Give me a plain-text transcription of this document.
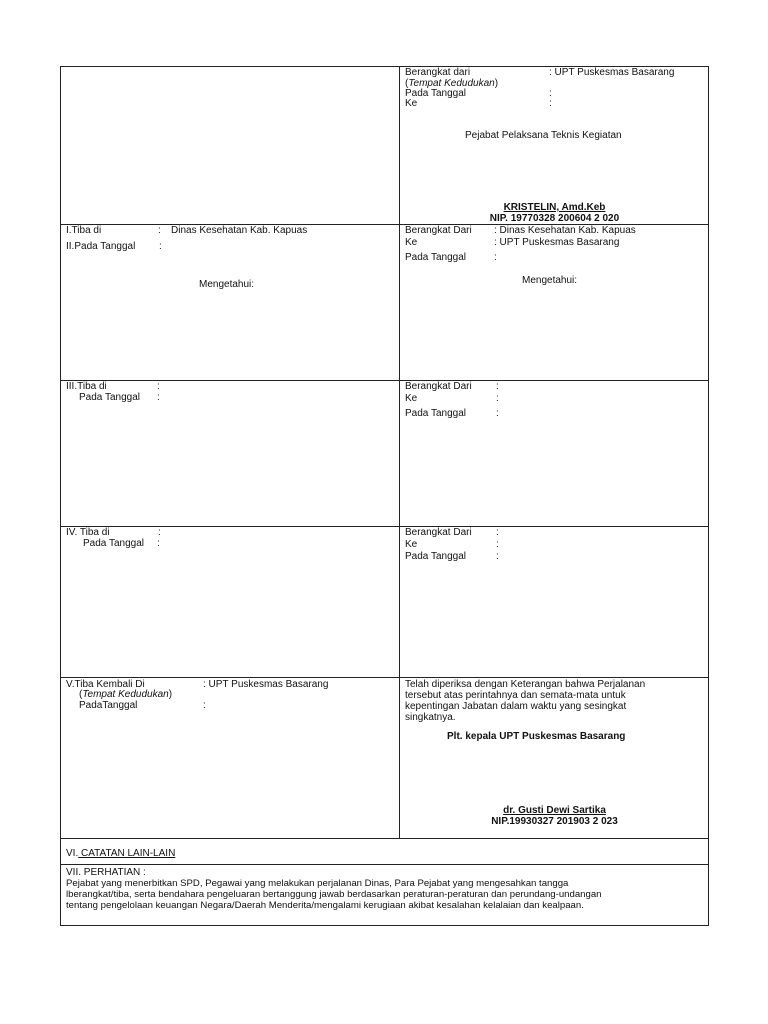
Berangkat dari	: UPT Puskesmas Basarang
(Tempat Kedudukan)
Pada Tanggal	:
Ke	:
Pejabat Pelaksana Teknis Kegiatan
KRISTELIN, Amd.Keb
NIP. 19770328 200604 2 020
I.Tiba di	: Dinas Kesehatan Kab. Kapuas
II.Pada Tanggal :
Mengetahui:
Berangkat Dari : Dinas Kesehatan Kab. Kapuas
Ke	: UPT Puskesmas Basarang
Pada Tanggal	:
Mengetahui:
III.Tiba di	:
Pada Tanggal :
Berangkat Dari :
Ke	:
Pada Tanggal	:
IV. Tiba di	:
Pada Tanggal :
Berangkat Dari :
Ke	:
Pada Tanggal	:
V.Tiba Kembali Di	: UPT Puskesmas Basarang
(Tempat Kedudukan)
PadaTanggal	:
Telah diperiksa dengan Keterangan bahwa Perjalanan
tersebut atas perintahnya dan semata-mata untuk
kepentingan Jabatan dalam waktu yang sesingkat
singkatnya.
Plt. kepala UPT Puskesmas Basarang
dr. Gusti Dewi Sartika
NIP.19930327 201903 2 023
VI. CATATAN LAIN-LAIN
VII. PERHATIAN :
Pejabat yang menerbitkan SPD, Pegawai yang melakukan perjalanan Dinas, Para Pejabat yang mengesahkan tangga
lberangkat/tiba, serta bendahara pengeluaran bertanggung jawab berdasarkan peraturan-peraturan dan perundang-undangan
tentang pengelolaan keuangan Negara/Daerah Menderita/mengalami kerugiaan akibat kesalahan kelalaian dan kealpaan.
